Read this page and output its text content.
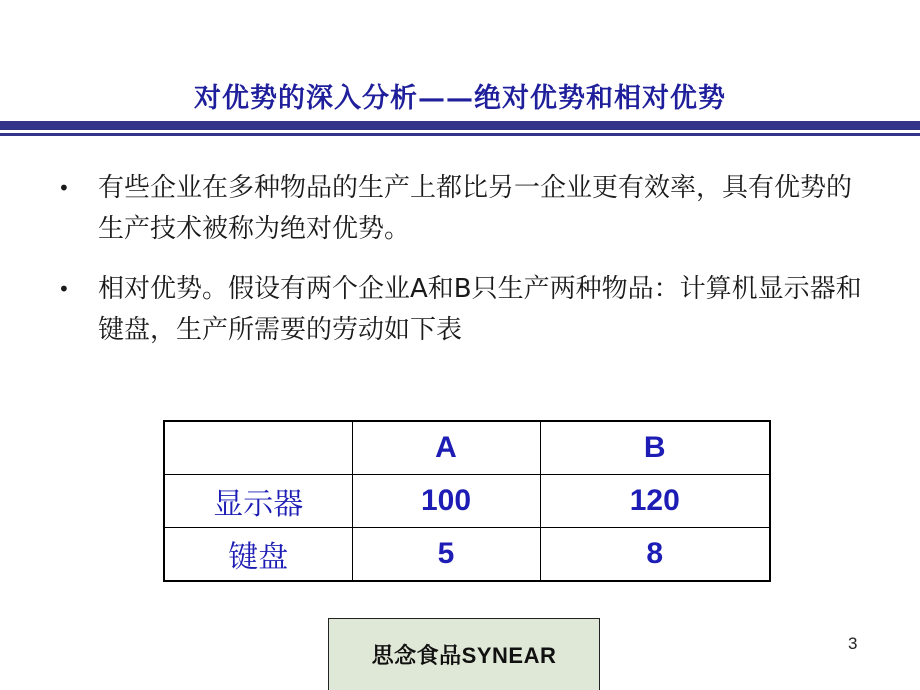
对优势的深入分析——绝对优势和相对优势
• 有些企业在多种物品的生产上都比另一企业更有效率，具有优势的生产技术被称为绝对优势。
• 相对优势。假设有两个企业A和B只生产两种物品：计算机显示器和键盘，生产所需要的劳动如下表
	A	B
显示器	100	120
键盘	5	8
思念食品SYNEAR	3
